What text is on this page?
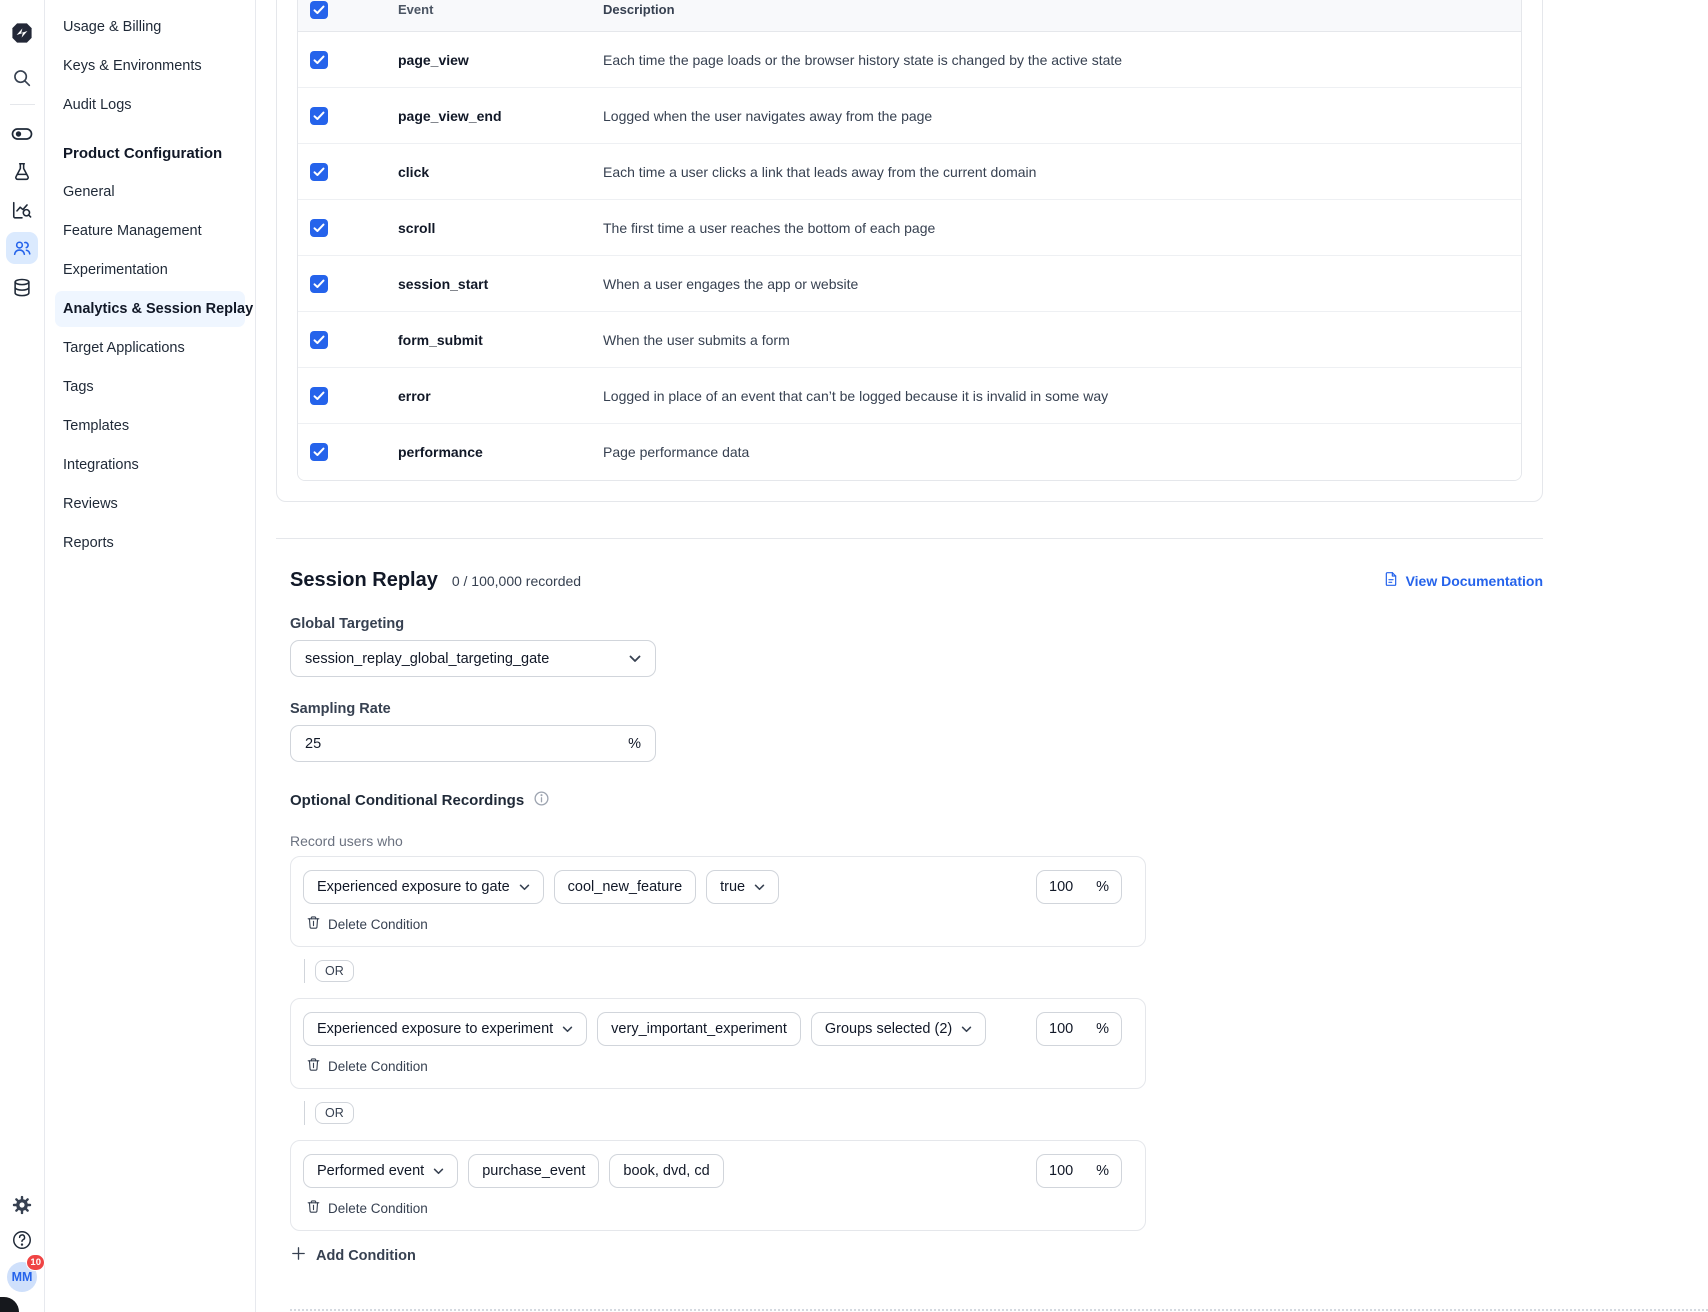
MM
10
Usage & Billing
Keys & Environments
Audit Logs
Product Configuration
General
Feature Management
Experimentation
Analytics & Session Replay
Target Applications
Tags
Templates
Integrations
Reviews
Reports
Event	Description
page_view	Each time the page loads or the browser history state is changed by the active state
page_view_end	Logged when the user navigates away from the page
click	Each time a user clicks a link that leads away from the current domain
scroll	The first time a user reaches the bottom of each page
session_start	When a user engages the app or website
form_submit	When the user submits a form
error	Logged in place of an event that can’t be logged because it is invalid in some way
performance	Page performance data
Session Replay 0 / 100,000 recorded	View Documentation
Global Targeting
session_replay_global_targeting_gate
Sampling Rate
25
%
Optional Conditional Recordings
Record users who
Experienced exposure to gate	cool_new_feature	true
100	%
Delete Condition
OR
Experienced exposure to experiment	very_important_experiment	Groups selected (2)
100	%
Delete Condition
OR
Performed event	purchase_event	book, dvd, cd
100	%
Delete Condition
Add Condition
